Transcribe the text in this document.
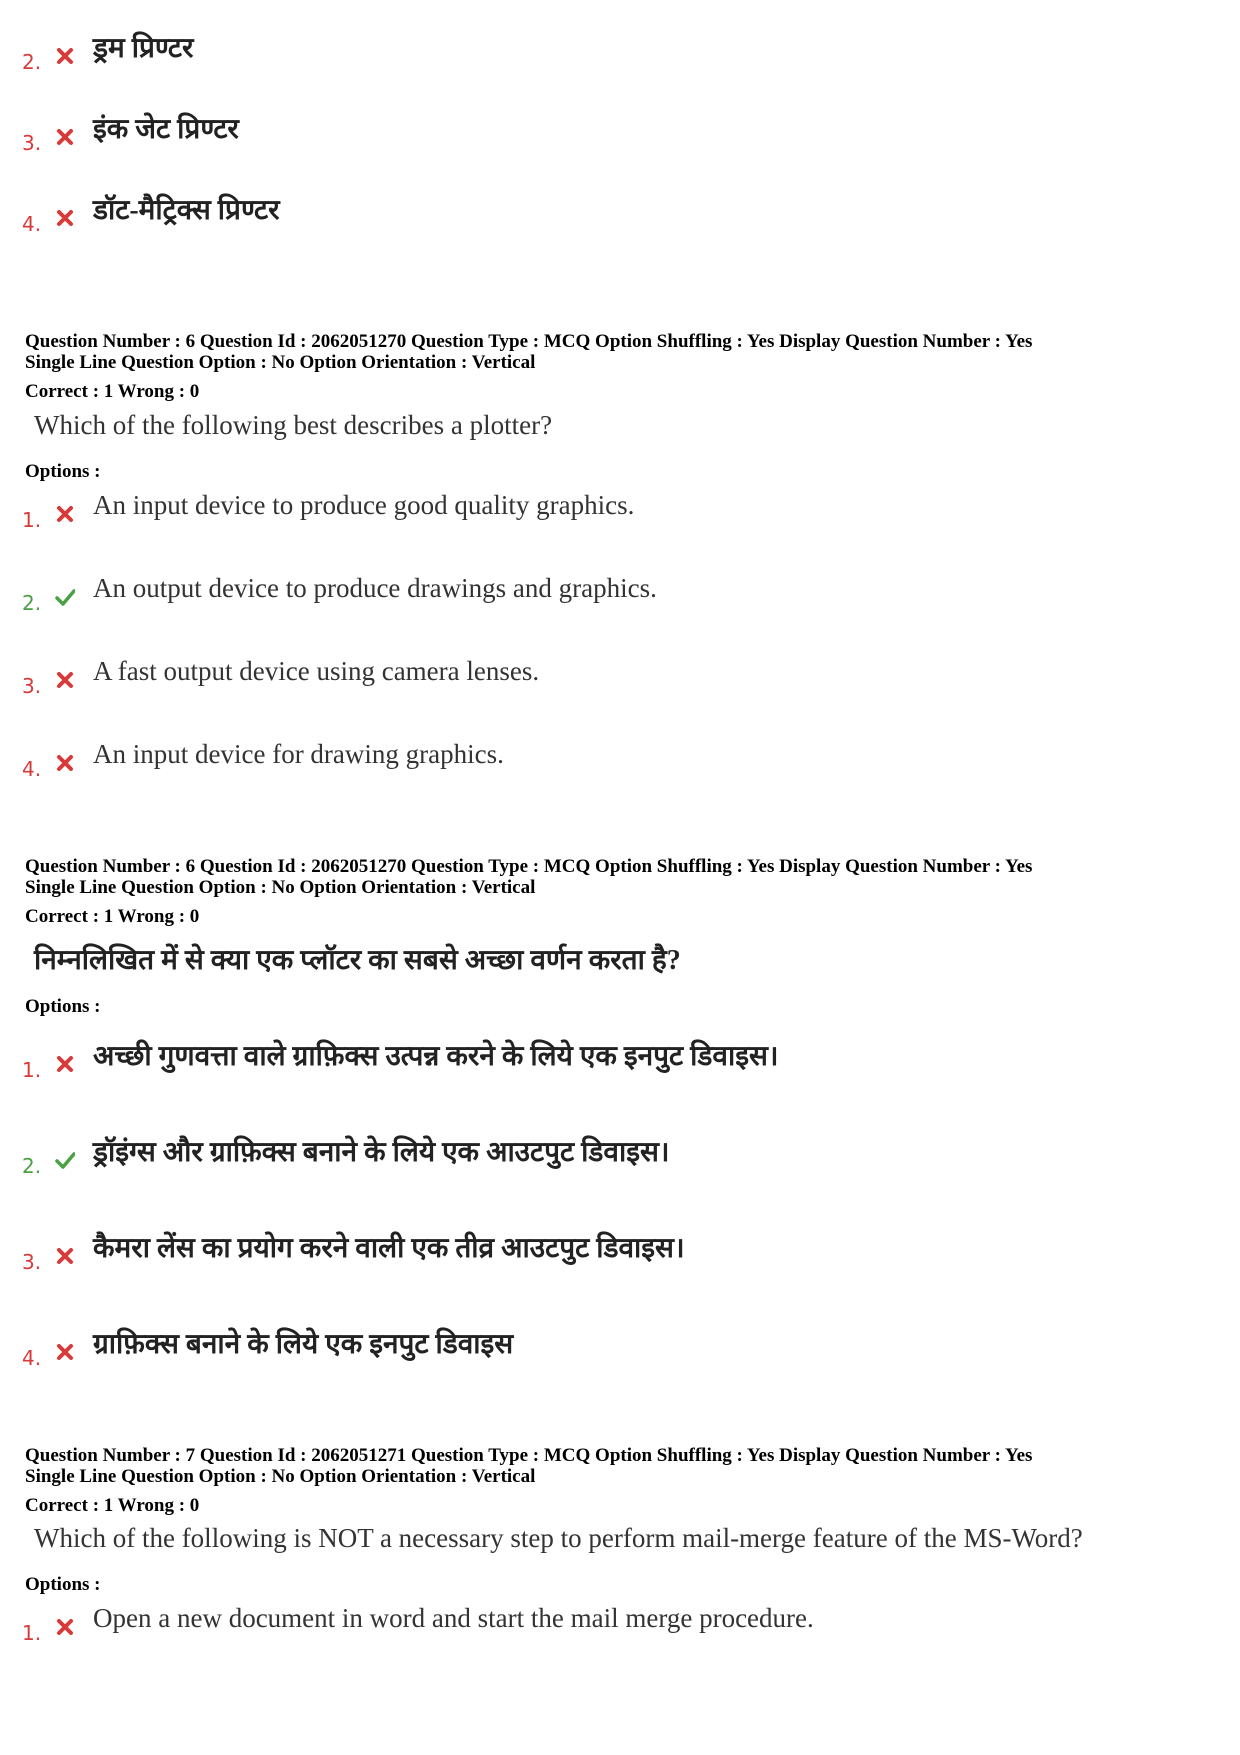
2. ड्रम प्रिण्टर
3. इंक जेट प्रिण्टर
4. डॉट-मैट्रिक्स प्रिण्टर
Question Number : 6 Question Id : 2062051270 Question Type : MCQ Option Shuffling : Yes Display Question Number : Yes
Single Line Question Option : No Option Orientation : Vertical
Correct : 1 Wrong : 0
Which of the following best describes a plotter?
Options :
1. An input device to produce good quality graphics.
2. An output device to produce drawings and graphics.
3. A fast output device using camera lenses.
4. An input device for drawing graphics.
Question Number : 6 Question Id : 2062051270 Question Type : MCQ Option Shuffling : Yes Display Question Number : Yes
Single Line Question Option : No Option Orientation : Vertical
Correct : 1 Wrong : 0
निम्नलिखित में से क्या एक प्लॉटर का सबसे अच्छा वर्णन करता है?
Options :
1. अच्छी गुणवत्ता वाले ग्राफ़िक्स उत्पन्न करने के लिये एक इनपुट डिवाइस।
2. ड्रॉइंग्स और ग्राफ़िक्स बनाने के लिये एक आउटपुट डिवाइस।
3. कैमरा लेंस का प्रयोग करने वाली एक तीव्र आउटपुट डिवाइस।
4. ग्राफ़िक्स बनाने के लिये एक इनपुट डिवाइस
Question Number : 7 Question Id : 2062051271 Question Type : MCQ Option Shuffling : Yes Display Question Number : Yes
Single Line Question Option : No Option Orientation : Vertical
Correct : 1 Wrong : 0
Which of the following is NOT a necessary step to perform mail-merge feature of the MS-Word?
Options :
1. Open a new document in word and start the mail merge procedure.
